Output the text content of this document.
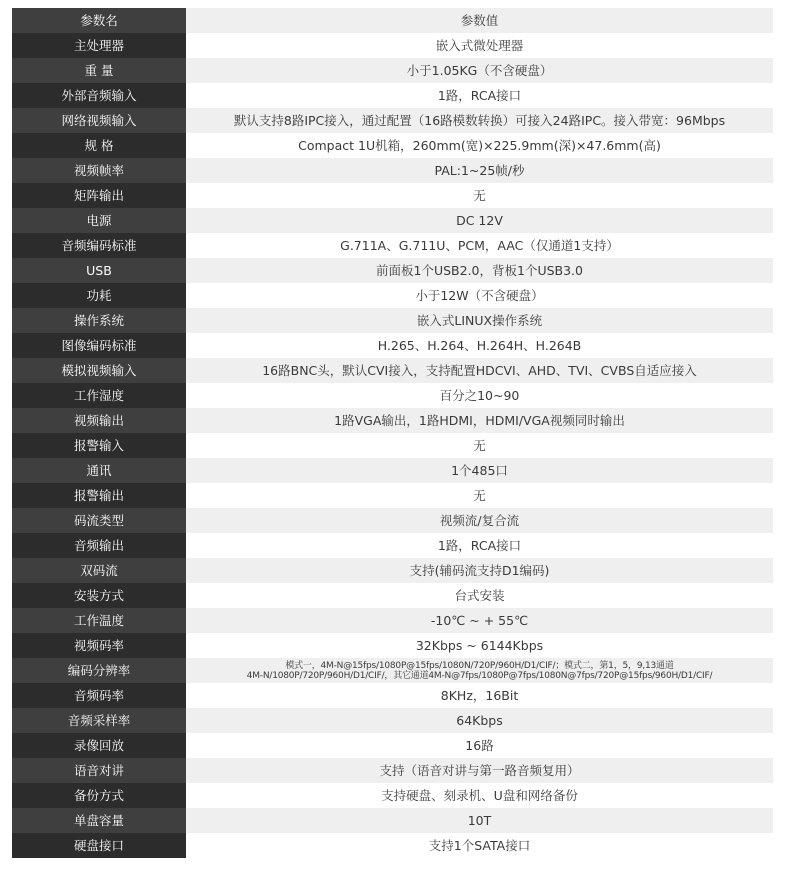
参数名	参数值
主处理器	嵌入式微处理器
重 量	小于1.05KG（不含硬盘）
外部音频输入	1路，RCA接口
网络视频输入	默认支持8路IPC接入，通过配置（16路模数转换）可接入24路IPC。接入带宽：96Mbps
规 格	Compact 1U机箱，260mm(宽)×225.9mm(深)×47.6mm(高)
视频帧率	PAL:1~25帧/秒
矩阵输出	无
电源	DC 12V
音频编码标准	G.711A、G.711U、PCM，AAC（仅通道1支持）
USB	前面板1个USB2.0，背板1个USB3.0
功耗	小于12W（不含硬盘）
操作系统	嵌入式LINUX操作系统
图像编码标准	H.265、H.264、H.264H、H.264B
模拟视频输入	16路BNC头，默认CVI接入，支持配置HDCVI、AHD、TVI、CVBS自适应接入
工作湿度	百分之10~90
视频输出	1路VGA输出，1路HDMI，HDMI/VGA视频同时输出
报警输入	无
通讯	1个485口
报警输出	无
码流类型	视频流/复合流
音频输出	1路，RCA接口
双码流	支持(辅码流支持D1编码)
安装方式	台式安装
工作温度	-10℃ ~ + 55℃
视频码率	32Kbps ~ 6144Kbps
编码分辨率	模式一，4M-N@15fps/1080P@15fps/1080N/720P/960H/D1/CIF/；模式二，第1，5，9,13通道
4M-N/1080P/720P/960H/D1/CIF/，其它通道4M-N@7fps/1080P@7fps/1080N@7fps/720P@15fps/960H/D1/CIF/

音频码率	8KHz，16Bit
音频采样率	64Kbps
录像回放	16路
语音对讲	支持（语音对讲与第一路音频复用）
备份方式	支持硬盘、刻录机、U盘和网络备份
单盘容量	10T
硬盘接口	支持1个SATA接口
